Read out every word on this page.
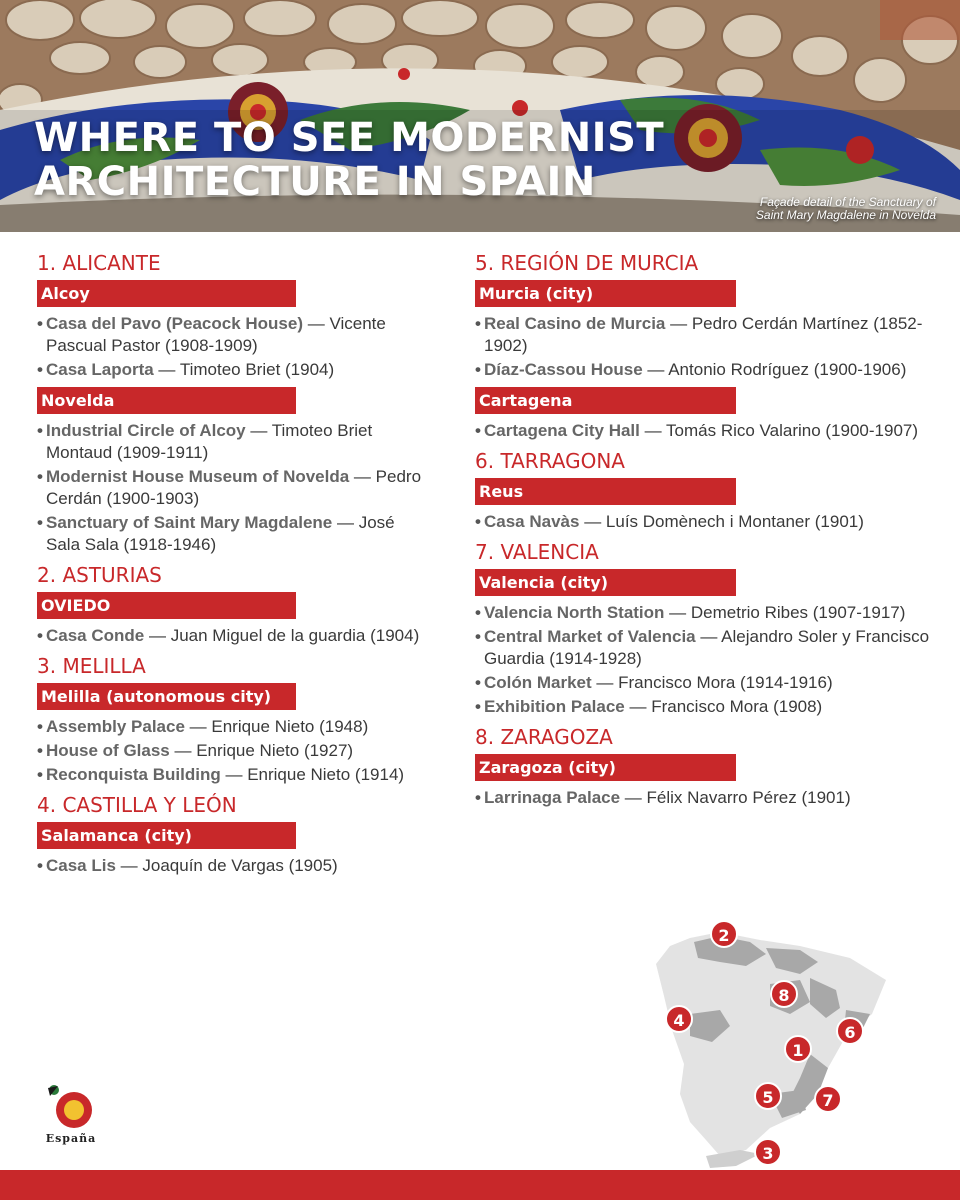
WHERE TO SEE MODERNIST
ARCHITECTURE IN SPAIN	Façade detail of the Sanctuary of
Saint Mary Magdalene in Novelda
1. ALICANTE
Alcoy
• Casa del Pavo (Peacock House) — Vicente Pascual Pastor (1908-1909)
• Casa Laporta — Timoteo Briet (1904)
Novelda
• Industrial Circle of Alcoy — Timoteo Briet Montaud (1909-1911)
• Modernist House Museum of Novelda — Pedro Cerdán (1900-1903)
• Sanctuary of Saint Mary Magdalene — José Sala Sala (1918-1946)
2. ASTURIAS
OVIEDO
• Casa Conde — Juan Miguel de la guardia (1904)
3. MELILLA
Melilla (autonomous city)
• Assembly Palace — Enrique Nieto (1948)
• House of Glass — Enrique Nieto (1927)
• Reconquista Building — Enrique Nieto (1914)
4. CASTILLA Y LEÓN
Salamanca (city)
• Casa Lis — Joaquín de Vargas (1905)
5. REGIÓN DE MURCIA
Murcia (city)
• Real Casino de Murcia — Pedro Cerdán Martínez (1852-1902)
• Díaz-Cassou House — Antonio Rodríguez (1900-1906)
Cartagena
• Cartagena City Hall — Tomás Rico Valarino (1900-1907)
6. TARRAGONA
Reus
• Casa Navàs — Luís Domènech i Montaner (1901)
7. VALENCIA
Valencia (city)
• Valencia North Station — Demetrio Ribes (1907-1917)
• Central Market of Valencia — Alejandro Soler y Francisco Guardia (1914-1928)
• Colón Market — Francisco Mora (1914-1916)
• Exhibition Palace — Francisco Mora (1908)
8. ZARAGOZA
Zaragoza (city)
• Larrinaga Palace — Félix Navarro Pérez (1901)
2
8
4
6
1
5	7
3
España
